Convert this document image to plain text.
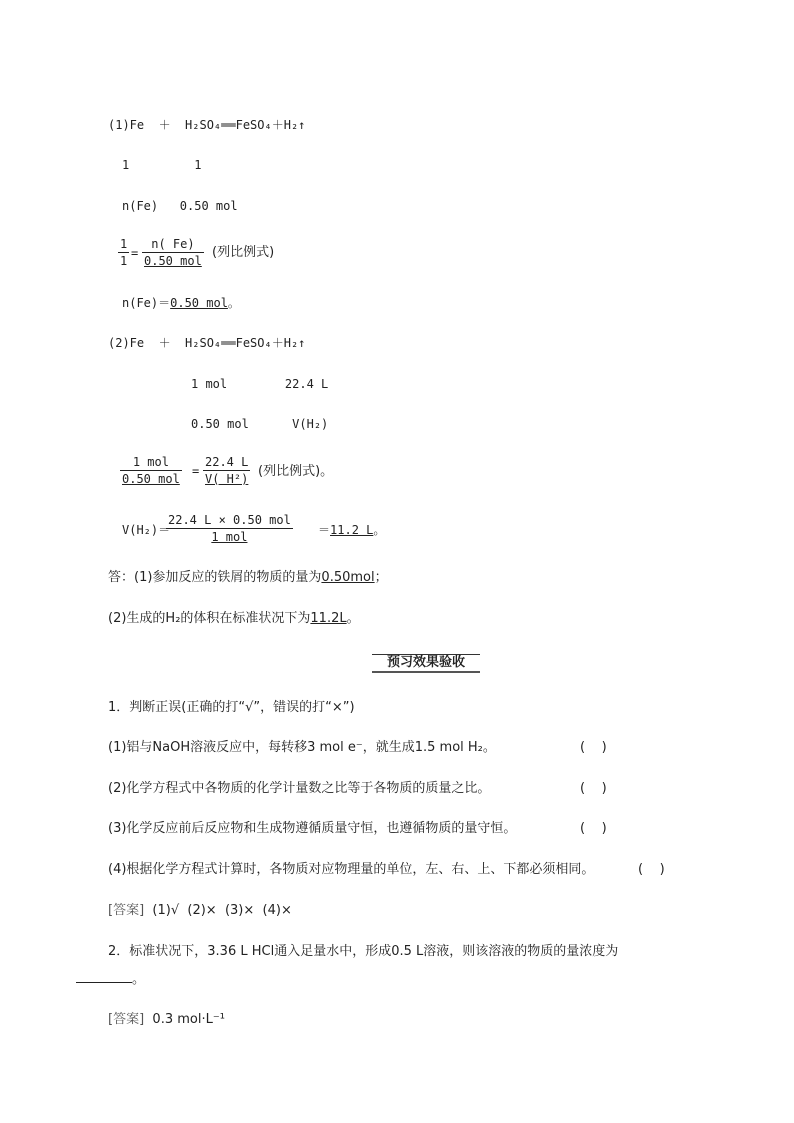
(1)Fe  ＋  H₂SO₄══FeSO₄＋H₂↑
1         1
n(Fe)   0.50 mol
$\frac{1}{1}$ =
n( Fe)
0.50 mol
(列比例式)
n(Fe)＝0.50 mol。
(2)Fe  ＋  H₂SO₄══FeSO₄＋H₂↑
1 mol        22.4 L
0.50 mol      V(H₂)
1 mol
0.50 mol
= $\frac{22.4 L}{\text{V( H²)}}$ (列比例式)。
V(H₂)＝
22.4 L × 0.50 mol
1 mol	＝11.2 L。
答：(1)参加反应的铁屑的物质的量为0.50mol；
(2)生成的H₂的体积在标准状况下为11.2L。
预习效果验收
1．判断正误(正确的打“√”，错误的打“×”)
(1)铝与NaOH溶液反应中，每转移3 mol e⁻，就生成1.5 mol H₂。	(    )
(2)化学方程式中各物质的化学计量数之比等于各物质的质量之比。	(    )
(3)化学反应前后反应物和生成物遵循质量守恒，也遵循物质的量守恒。	(    )
(4)根据化学方程式计算时，各物质对应物理量的单位，左、右、上、下都必须相同。	(    )
[答案] (1)√  (2)×  (3)×  (4)×
2．标准状况下，3.36 L HCl通入足量水中，形成0.5 L溶液，则该溶液的物质的量浓度为
。
[答案] 0.3 mol·L⁻¹
